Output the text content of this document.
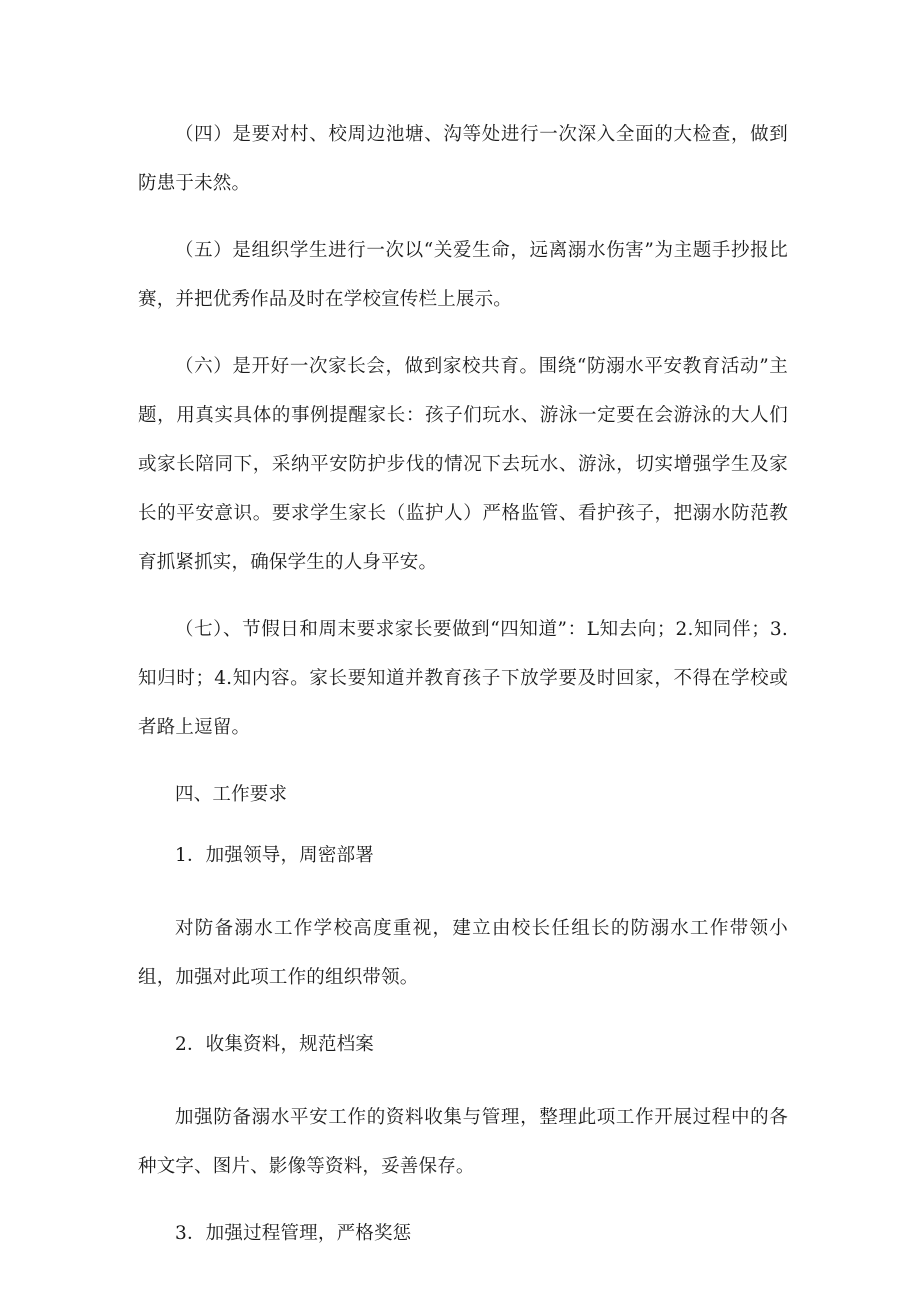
（四）是要对村、校周边池塘、沟等处进行一次深入全面的大检查，做到防患于未然。

（五）是组织学生进行一次以“关爱生命，远离溺水伤害”为主题手抄报比赛，并把优秀作品及时在学校宣传栏上展示。

（六）是开好一次家长会，做到家校共育。围绕“防溺水平安教育活动”主题，用真实具体的事例提醒家长：孩子们玩水、游泳一定要在会游泳的大人们或家长陪同下，采纳平安防护步伐的情况下去玩水、游泳，切实增强学生及家长的平安意识。要求学生家长（监护人）严格监管、看护孩子，把溺水防范教育抓紧抓实，确保学生的人身平安。

（七）、节假日和周末要求家长要做到“四知道”：L知去向；2.知同伴；3.知归时；4.知内容。家长要知道并教育孩子下放学要及时回家，不得在学校或者路上逗留。

四、工作要求

1．加强领导，周密部署

对防备溺水工作学校高度重视，建立由校长任组长的防溺水工作带领小组，加强对此项工作的组织带领。

2．收集资料，规范档案

加强防备溺水平安工作的资料收集与管理，整理此项工作开展过程中的各种文字、图片、影像等资料，妥善保存。

3．加强过程管理，严格奖惩
